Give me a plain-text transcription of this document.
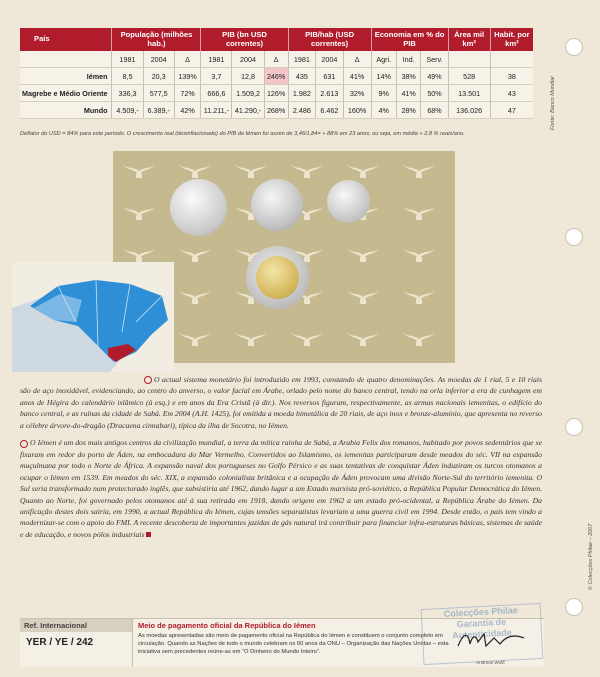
País	População (milhões hab.)			PIB (bn USD correntes)			PIB/hab (USD correntes)			Economia em % do PIB			Área mil km²	Habit. por km²

	1981	2004	Δ	1981	2004	Δ	1981	2004	Δ	Agri.	Ind.	Serv.		
Iémen	8,5	20,3	139%	3,7	12,8	246%	435	631	41%	14%	38%	49%	528	38
Magrebe e Médio Oriente	336,3	577,5	72%	666,6	1.509,2	126%	1.982	2.613	32%	9%	41%	50%	13.501	43
Mundo	4.509,-	6.389,-	42%	11.211,-	41.290,-	268%	2.486	6.462	160%	4%	28%	68%	136.026	47
Deflator do USD = 84% para este período. O crescimento real (desinflacionado) do PIB do Iémen foi assim de 3,46/1,84= + 88% em 23 anos; ou seja, em média + 2,8 % reais/ano.
Fonte: Banco Mundial
© Colecções Philae – 2007

O actual sistema monetário foi introduzido em 1993, constando de quatro denominações. As moedas de 1 rial, 5 e 10 riais são de aço inoxidável, evidenciando, ao centro do anverso, o valor facial em Árabe, orlado pelo nome do banco central, tendo na orla inferior a era de cunhagem em anos de Hégira do calendário islâmico (à esq.) e em anos da Era Cristã (à dir.). Nos reversos figuram, respectivamente, as armas nacionais iemenitas, o edifício do banco central, e as ruínas da cidade de Sabá. Em 2004 (A.H. 1425), foi emitida a moeda bimetálica de 20 riais, de aço inox e bronze-alumínio, que apresenta no reverso a célebre árvore-do-dragão (Dracaena cinnabari), típica da ilha de Socotra, no Iémen.

O Iémen é um dos mais antigos centros da civilização mundial, a terra da mítica rainha de Sabá, a Arabia Felix dos romanos, habitado por povos sedentários que se fixaram em redor do porto de Áden, na embocadura do Mar Vermelho. Convertidos ao Islamismo, os iemenitas participaram desde meados do séc. VII na expansão muçulmana por todo o Norte de África. A expansão naval dos portugueses no Golfo Pérsico e as suas tentativas de conquistar Áden induziram os turcos otomanos a ocupar o Iémen em 1539. Em meados do séc. XIX, a expansão colonialista britânica e a ocupação de Áden provocam uma divisão Norte-Sul do território iemenita. O Sul seria transformado num protectorado inglês, que subsistiria até 1962, dando lugar a um Estado marxista pró-soviético, a República Popular Democrática do Iémen. Quanto ao Norte, foi governado pelos otomanos até à sua retirada em 1918, dando origem em 1962 a um estado pró-ocidental, a República Árabe do Iémen. Da unificação destes dois sairia, em 1990, a actual República do Iémen, cujas tensões separatistas levariam a uma guerra civil em 1994. Desde então, o país tem vindo a modernizar-se com o apoio do FMI. A recente descoberta de importantes jazidas de gás natural irá contribuir para financiar infra-estruturas básicas, sistemas de saúde e de educação, e novos pólos industriais

Ref. Internacional
YER / YE / 242
Meio de pagamento oficial da República do Iémen
As moedas apresentadas são meio de pagamento oficial na República do Iémen e constituem o conjunto completo em circulação. Quando as Nações de todo o mundo celebram os 60 anos da ONU – Organização das Nações Unidas – esta iniciativa sem precedentes reúne-as em “O Dinheiro do Mundo Inteiro”.
Colecções Philae
Garantia de
Autenticidade
Andreas Wolff
